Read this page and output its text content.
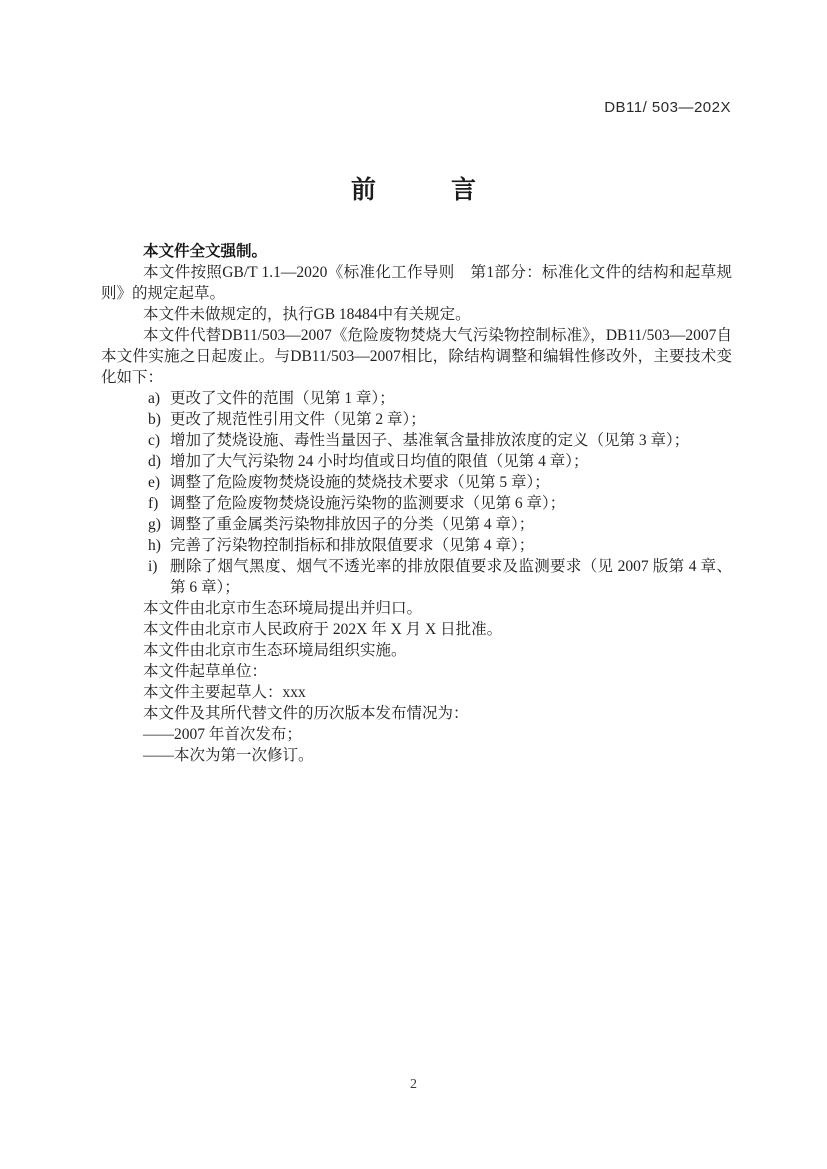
DB11/ 503—202X
前　　　言

本文件全文强制。

本文件按照GB/T 1.1—2020《标准化工作导则　第1部分：标准化文件的结构和起草规则》的规定起草。

本文件未做规定的，执行GB 18484中有关规定。

本文件代替DB11/503—2007《危险废物焚烧大气污染物控制标准》，DB11/503—2007自本文件实施之日起废止。与DB11/503—2007相比，除结构调整和编辑性修改外，主要技术变化如下：

a) 更改了文件的范围（见第 1 章）；
b) 更改了规范性引用文件（见第 2 章）；
c) 增加了焚烧设施、毒性当量因子、基准氧含量排放浓度的定义（见第 3 章）；
d) 增加了大气污染物 24 小时均值或日均值的限值（见第 4 章）；
e) 调整了危险废物焚烧设施的焚烧技术要求（见第 5 章）；
f) 调整了危险废物焚烧设施污染物的监测要求（见第 6 章）；
g) 调整了重金属类污染物排放因子的分类（见第 4 章）；
h) 完善了污染物控制指标和排放限值要求（见第 4 章）；
i) 删除了烟气黑度、烟气不透光率的排放限值要求及监测要求（见 2007 版第 4 章、第 6 章）；

本文件由北京市生态环境局提出并归口。

本文件由北京市人民政府于 202X 年 X 月 X 日批准。

本文件由北京市生态环境局组织实施。

本文件起草单位：

本文件主要起草人：xxx

本文件及其所代替文件的历次版本发布情况为：

——2007 年首次发布；

——本次为第一次修订。

2
